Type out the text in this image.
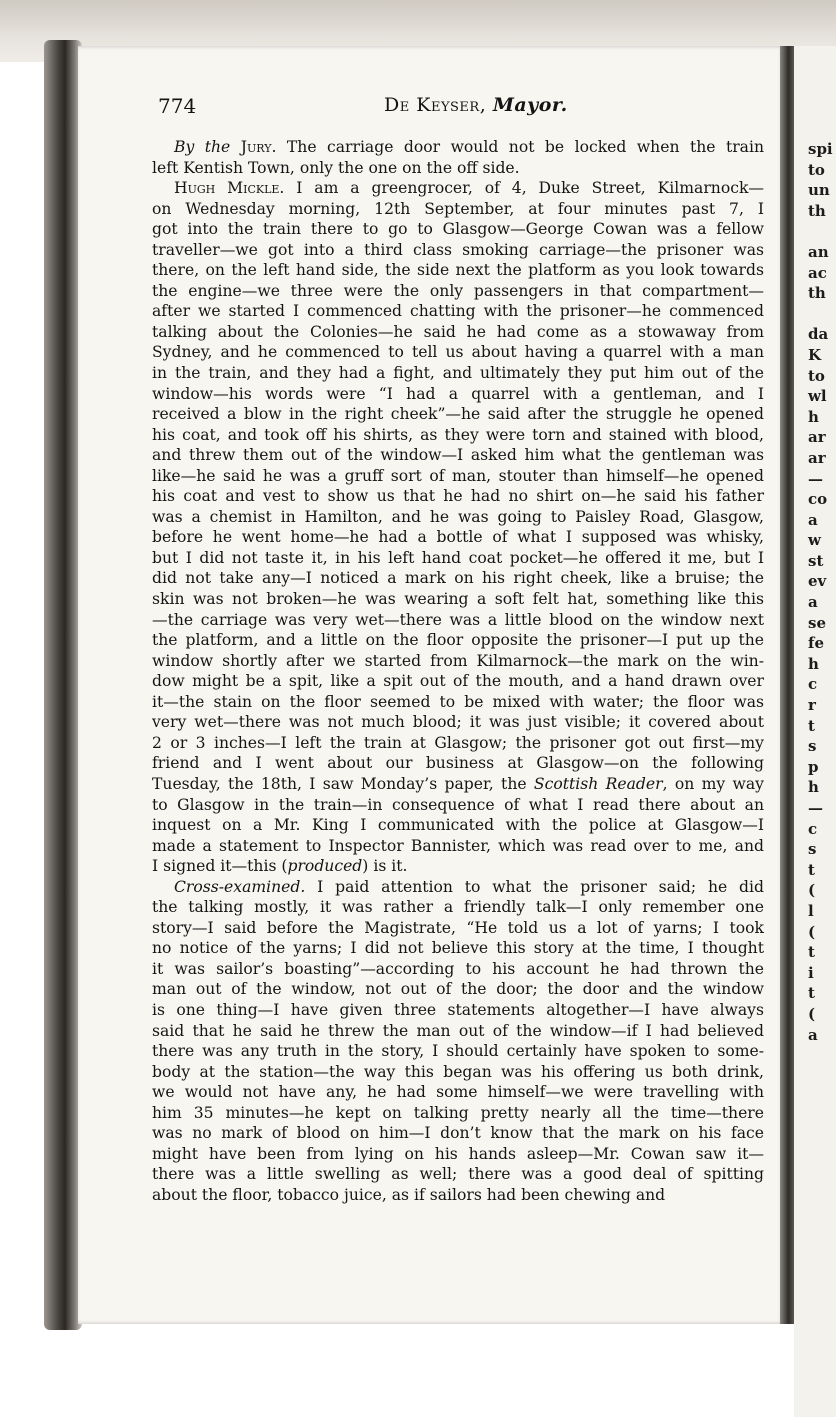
spi
to
un
th
an
ac
th
da
K
to
wl
h
ar
ar
—
co
a
w
st
ev
a
se
fe
h
c
r
t
s
p
h
—
c
s
t
(
l
(
t
i
t
(
a
774	De Keyser, Mayor.
By the Jury. The carriage door would not be locked when the train
left Kentish Town, only the one on the off side.
Hugh Mickle. I am a greengrocer, of 4, Duke Street, Kilmarnock—
on Wednesday morning, 12th September, at four minutes past 7, I
got into the train there to go to Glasgow—George Cowan was a fellow
traveller—we got into a third class smoking carriage—the prisoner was
there, on the left hand side, the side next the platform as you look towards
the engine—we three were the only passengers in that compartment—
after we started I commenced chatting with the prisoner—he commenced
talking about the Colonies—he said he had come as a stowaway from
Sydney, and he commenced to tell us about having a quarrel with a man
in the train, and they had a fight, and ultimately they put him out of the
window—his words were “I had a quarrel with a gentleman, and I
received a blow in the right cheek”—he said after the struggle he opened
his coat, and took off his shirts, as they were torn and stained with blood,
and threw them out of the window—I asked him what the gentleman was
like—he said he was a gruff sort of man, stouter than himself—he opened
his coat and vest to show us that he had no shirt on—he said his father
was a chemist in Hamilton, and he was going to Paisley Road, Glasgow,
before he went home—he had a bottle of what I supposed was whisky,
but I did not taste it, in his left hand coat pocket—he offered it me, but I
did not take any—I noticed a mark on his right cheek, like a bruise; the
skin was not broken—he was wearing a soft felt hat, something like this
—the carriage was very wet—there was a little blood on the window next
the platform, and a little on the floor opposite the prisoner—I put up the
window shortly after we started from Kilmarnock—the mark on the win-
dow might be a spit, like a spit out of the mouth, and a hand drawn over
it—the stain on the floor seemed to be mixed with water; the floor was
very wet—there was not much blood; it was just visible; it covered about
2 or 3 inches—I left the train at Glasgow; the prisoner got out first—my
friend and I went about our business at Glasgow—on the following
Tuesday, the 18th, I saw Monday’s paper, the Scottish Reader, on my way
to Glasgow in the train—in consequence of what I read there about an
inquest on a Mr. King I communicated with the police at Glasgow—I
made a statement to Inspector Bannister, which was read over to me, and
I signed it—this (produced) is it.
Cross-examined. I paid attention to what the prisoner said; he did
the talking mostly, it was rather a friendly talk—I only remember one
story—I said before the Magistrate, “He told us a lot of yarns; I took
no notice of the yarns; I did not believe this story at the time, I thought
it was sailor’s boasting”—according to his account he had thrown the
man out of the window, not out of the door; the door and the window
is one thing—I have given three statements altogether—I have always
said that he said he threw the man out of the window—if I had believed
there was any truth in the story, I should certainly have spoken to some-
body at the station—the way this began was his offering us both drink,
we would not have any, he had some himself—we were travelling with
him 35 minutes—he kept on talking pretty nearly all the time—there
was no mark of blood on him—I don’t know that the mark on his face
might have been from lying on his hands asleep—Mr. Cowan saw it—
there was a little swelling as well; there was a good deal of spitting
about the floor, tobacco juice, as if sailors had been chewing and
